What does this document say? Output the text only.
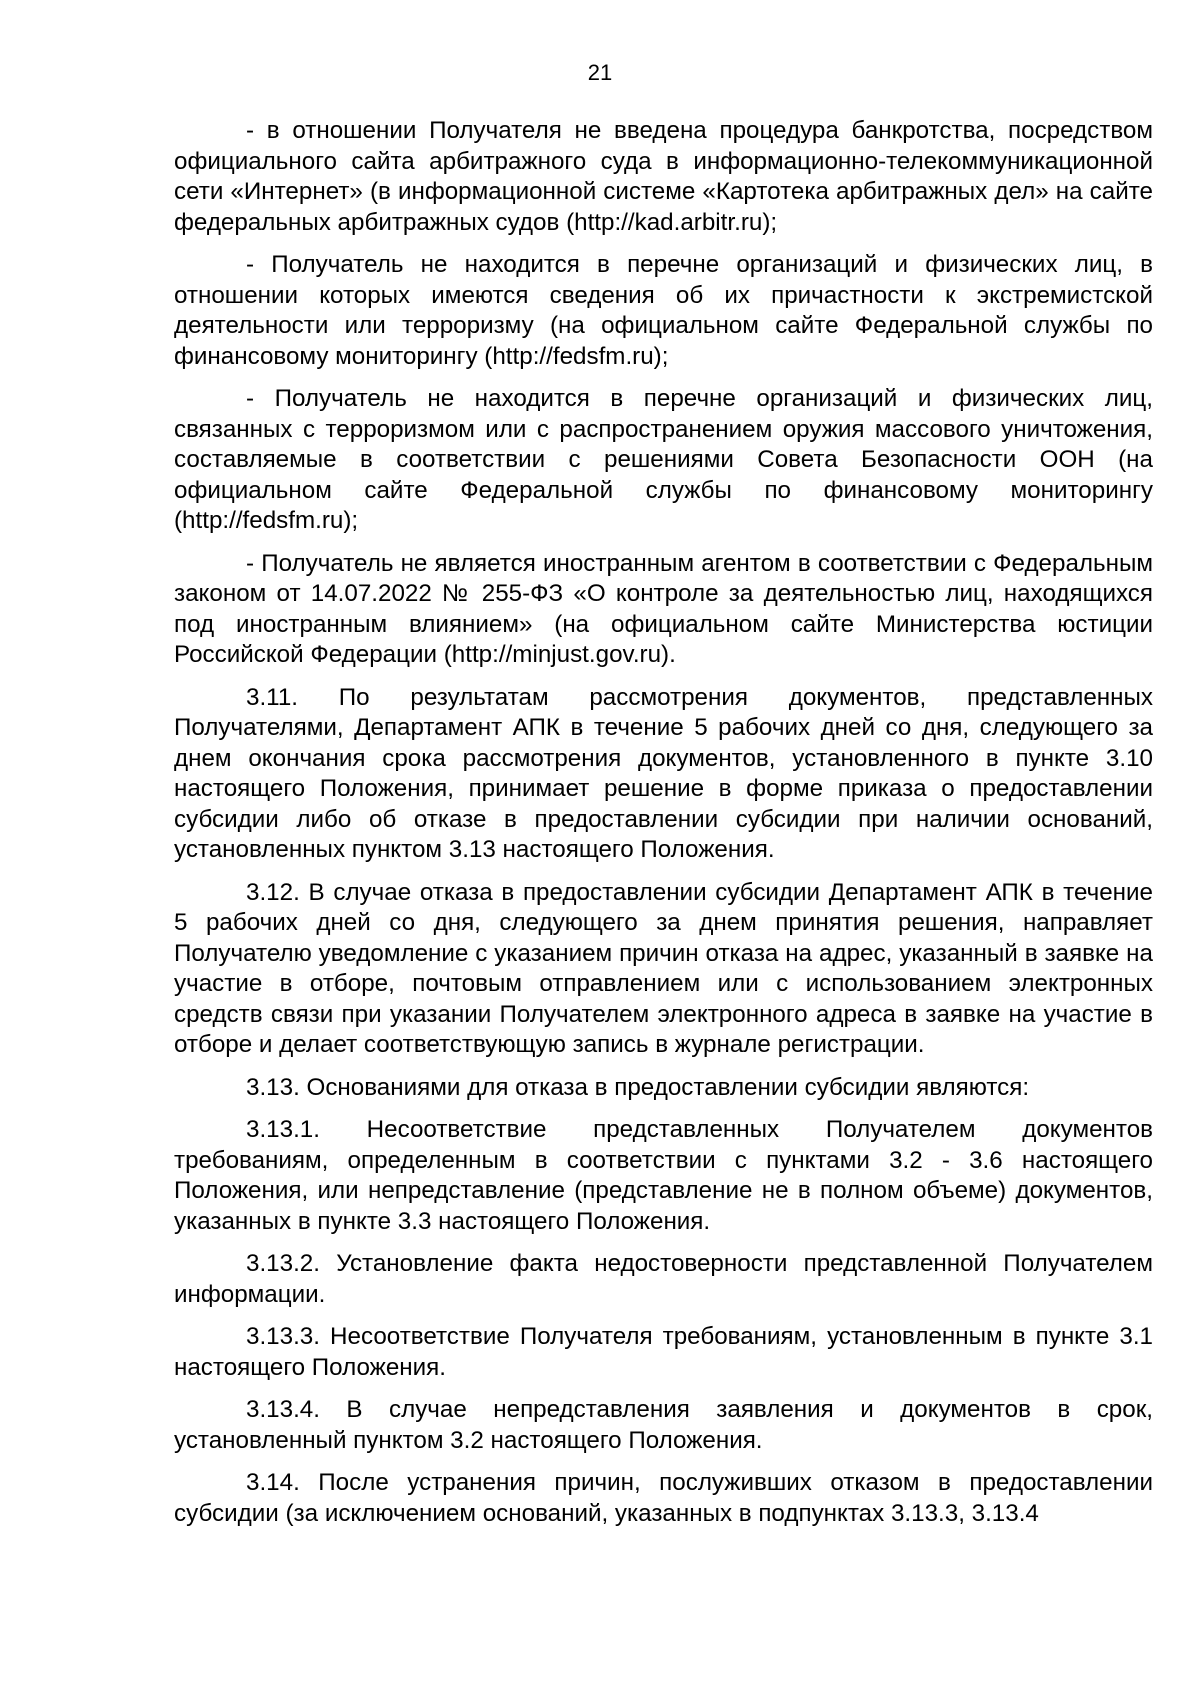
21

- в отношении Получателя не введена процедура банкротства, посредством официального сайта арбитражного суда в информационно-телекоммуникационной сети «Интернет» (в информационной системе «Картотека арбитражных дел» на сайте федеральных арбитражных судов (http://kad.arbitr.ru);

- Получатель не находится в перечне организаций и физических лиц, в отношении которых имеются сведения об их причастности к экстремистской деятельности или терроризму (на официальном сайте Федеральной службы по финансовому мониторингу (http://fedsfm.ru);

- Получатель не находится в перечне организаций и физических лиц, связанных с терроризмом или с распространением оружия массового уничтожения, составляемые в соответствии с решениями Совета Безопасности ООН (на официальном сайте Федеральной службы по финансовому мониторингу (http://fedsfm.ru);

- Получатель не является иностранным агентом в соответствии с Федеральным законом от 14.07.2022 № 255-ФЗ «О контроле за деятельностью лиц, находящихся под иностранным влиянием» (на официальном сайте Министерства юстиции Российской Федерации (http://minjust.gov.ru).

3.11. По результатам рассмотрения документов, представленных Получателями, Департамент АПК в течение 5 рабочих дней со дня, следующего за днем окончания срока рассмотрения документов, установленного в пункте 3.10 настоящего Положения, принимает решение в форме приказа о предоставлении субсидии либо об отказе в предоставлении субсидии при наличии оснований, установленных пунктом 3.13 настоящего Положения.

3.12. В случае отказа в предоставлении субсидии Департамент АПК в течение 5 рабочих дней со дня, следующего за днем принятия решения, направляет Получателю уведомление с указанием причин отказа на адрес, указанный в заявке на участие в отборе, почтовым отправлением или с использованием электронных средств связи при указании Получателем электронного адреса в заявке на участие в отборе и делает соответствующую запись в журнале регистрации.

3.13. Основаниями для отказа в предоставлении субсидии являются:

3.13.1. Несоответствие представленных Получателем документов требованиям, определенным в соответствии с пунктами 3.2 - 3.6 настоящего Положения, или непредставление (представление не в полном объеме) документов, указанных в пункте 3.3 настоящего Положения.

3.13.2. Установление факта недостоверности представленной Получателем информации.

3.13.3. Несоответствие Получателя требованиям, установленным в пункте 3.1 настоящего Положения.

3.13.4. В случае непредставления заявления и документов в срок, установленный пунктом 3.2 настоящего Положения.

3.14. После устранения причин, послуживших отказом в предоставлении субсидии (за исключением оснований, указанных в подпунктах 3.13.3, 3.13.4
